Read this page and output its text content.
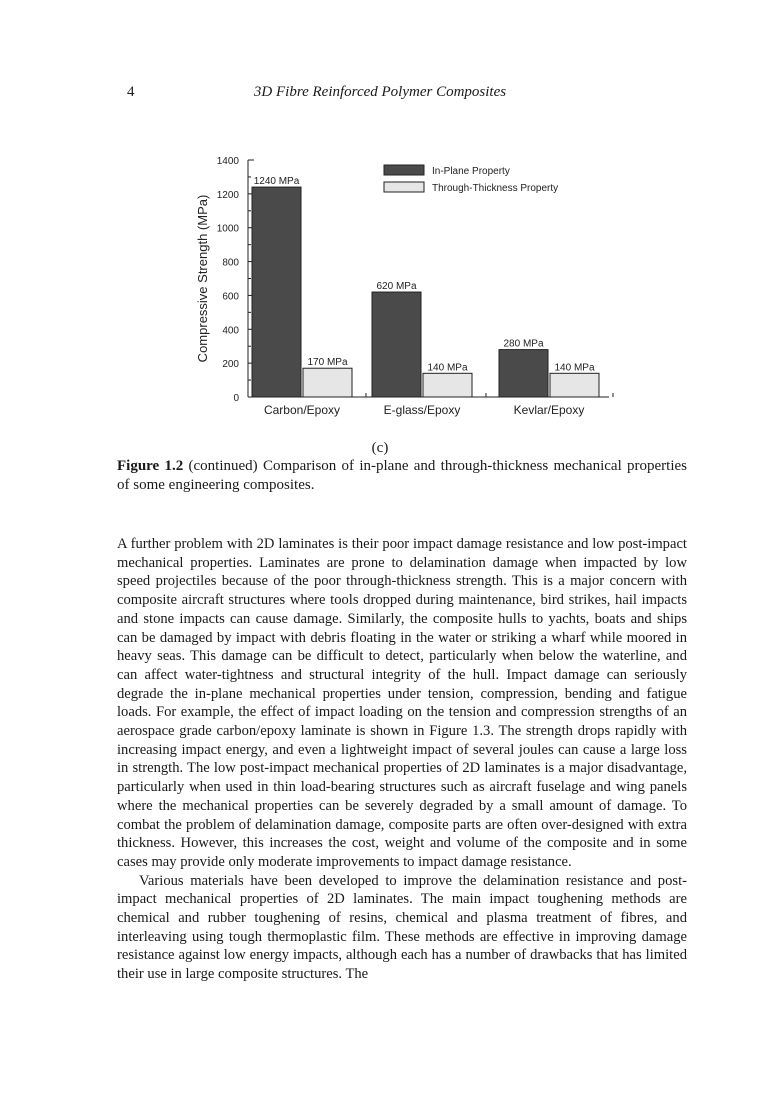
4	3D Fibre Reinforced Polymer Composites
0
200
400
600
800
1000
1200
1400
Compressive Strength (MPa)
1240 MPa
170 MPa
Carbon/Epoxy
620 MPa
140 MPa
E-glass/Epoxy
280 MPa
140 MPa
Kevlar/Epoxy
In-Plane Property
Through-Thickness Property
(c)
Figure 1.2 (continued) Comparison of in-plane and through-thickness mechanical properties of some engineering composites.

A further problem with 2D laminates is their poor impact damage resistance and low post-impact mechanical properties. Laminates are prone to delamination damage when impacted by low speed projectiles because of the poor through-thickness strength. This is a major concern with composite aircraft structures where tools dropped during maintenance, bird strikes, hail impacts and stone impacts can cause damage. Similarly, the composite hulls to yachts, boats and ships can be damaged by impact with debris floating in the water or striking a wharf while moored in heavy seas. This damage can be difficult to detect, particularly when below the waterline, and can affect water-tightness and structural integrity of the hull. Impact damage can seriously degrade the in-plane mechanical properties under tension, compression, bending and fatigue loads. For example, the effect of impact loading on the tension and compression strengths of an aerospace grade carbon/epoxy laminate is shown in Figure 1.3. The strength drops rapidly with increasing impact energy, and even a lightweight impact of several joules can cause a large loss in strength. The low post-impact mechanical properties of 2D laminates is a major disadvantage, particularly when used in thin load-bearing structures such as aircraft fuselage and wing panels where the mechanical properties can be severely degraded by a small amount of damage. To combat the problem of delamination damage, composite parts are often over-designed with extra thickness. However, this increases the cost, weight and volume of the composite and in some cases may provide only moderate improvements to impact damage resistance.

Various materials have been developed to improve the delamination resistance and post-impact mechanical properties of 2D laminates. The main impact toughening methods are chemical and rubber toughening of resins, chemical and plasma treatment of fibres, and interleaving using tough thermoplastic film. These methods are effective in improving damage resistance against low energy impacts, although each has a number of drawbacks that has limited their use in large composite structures. The
